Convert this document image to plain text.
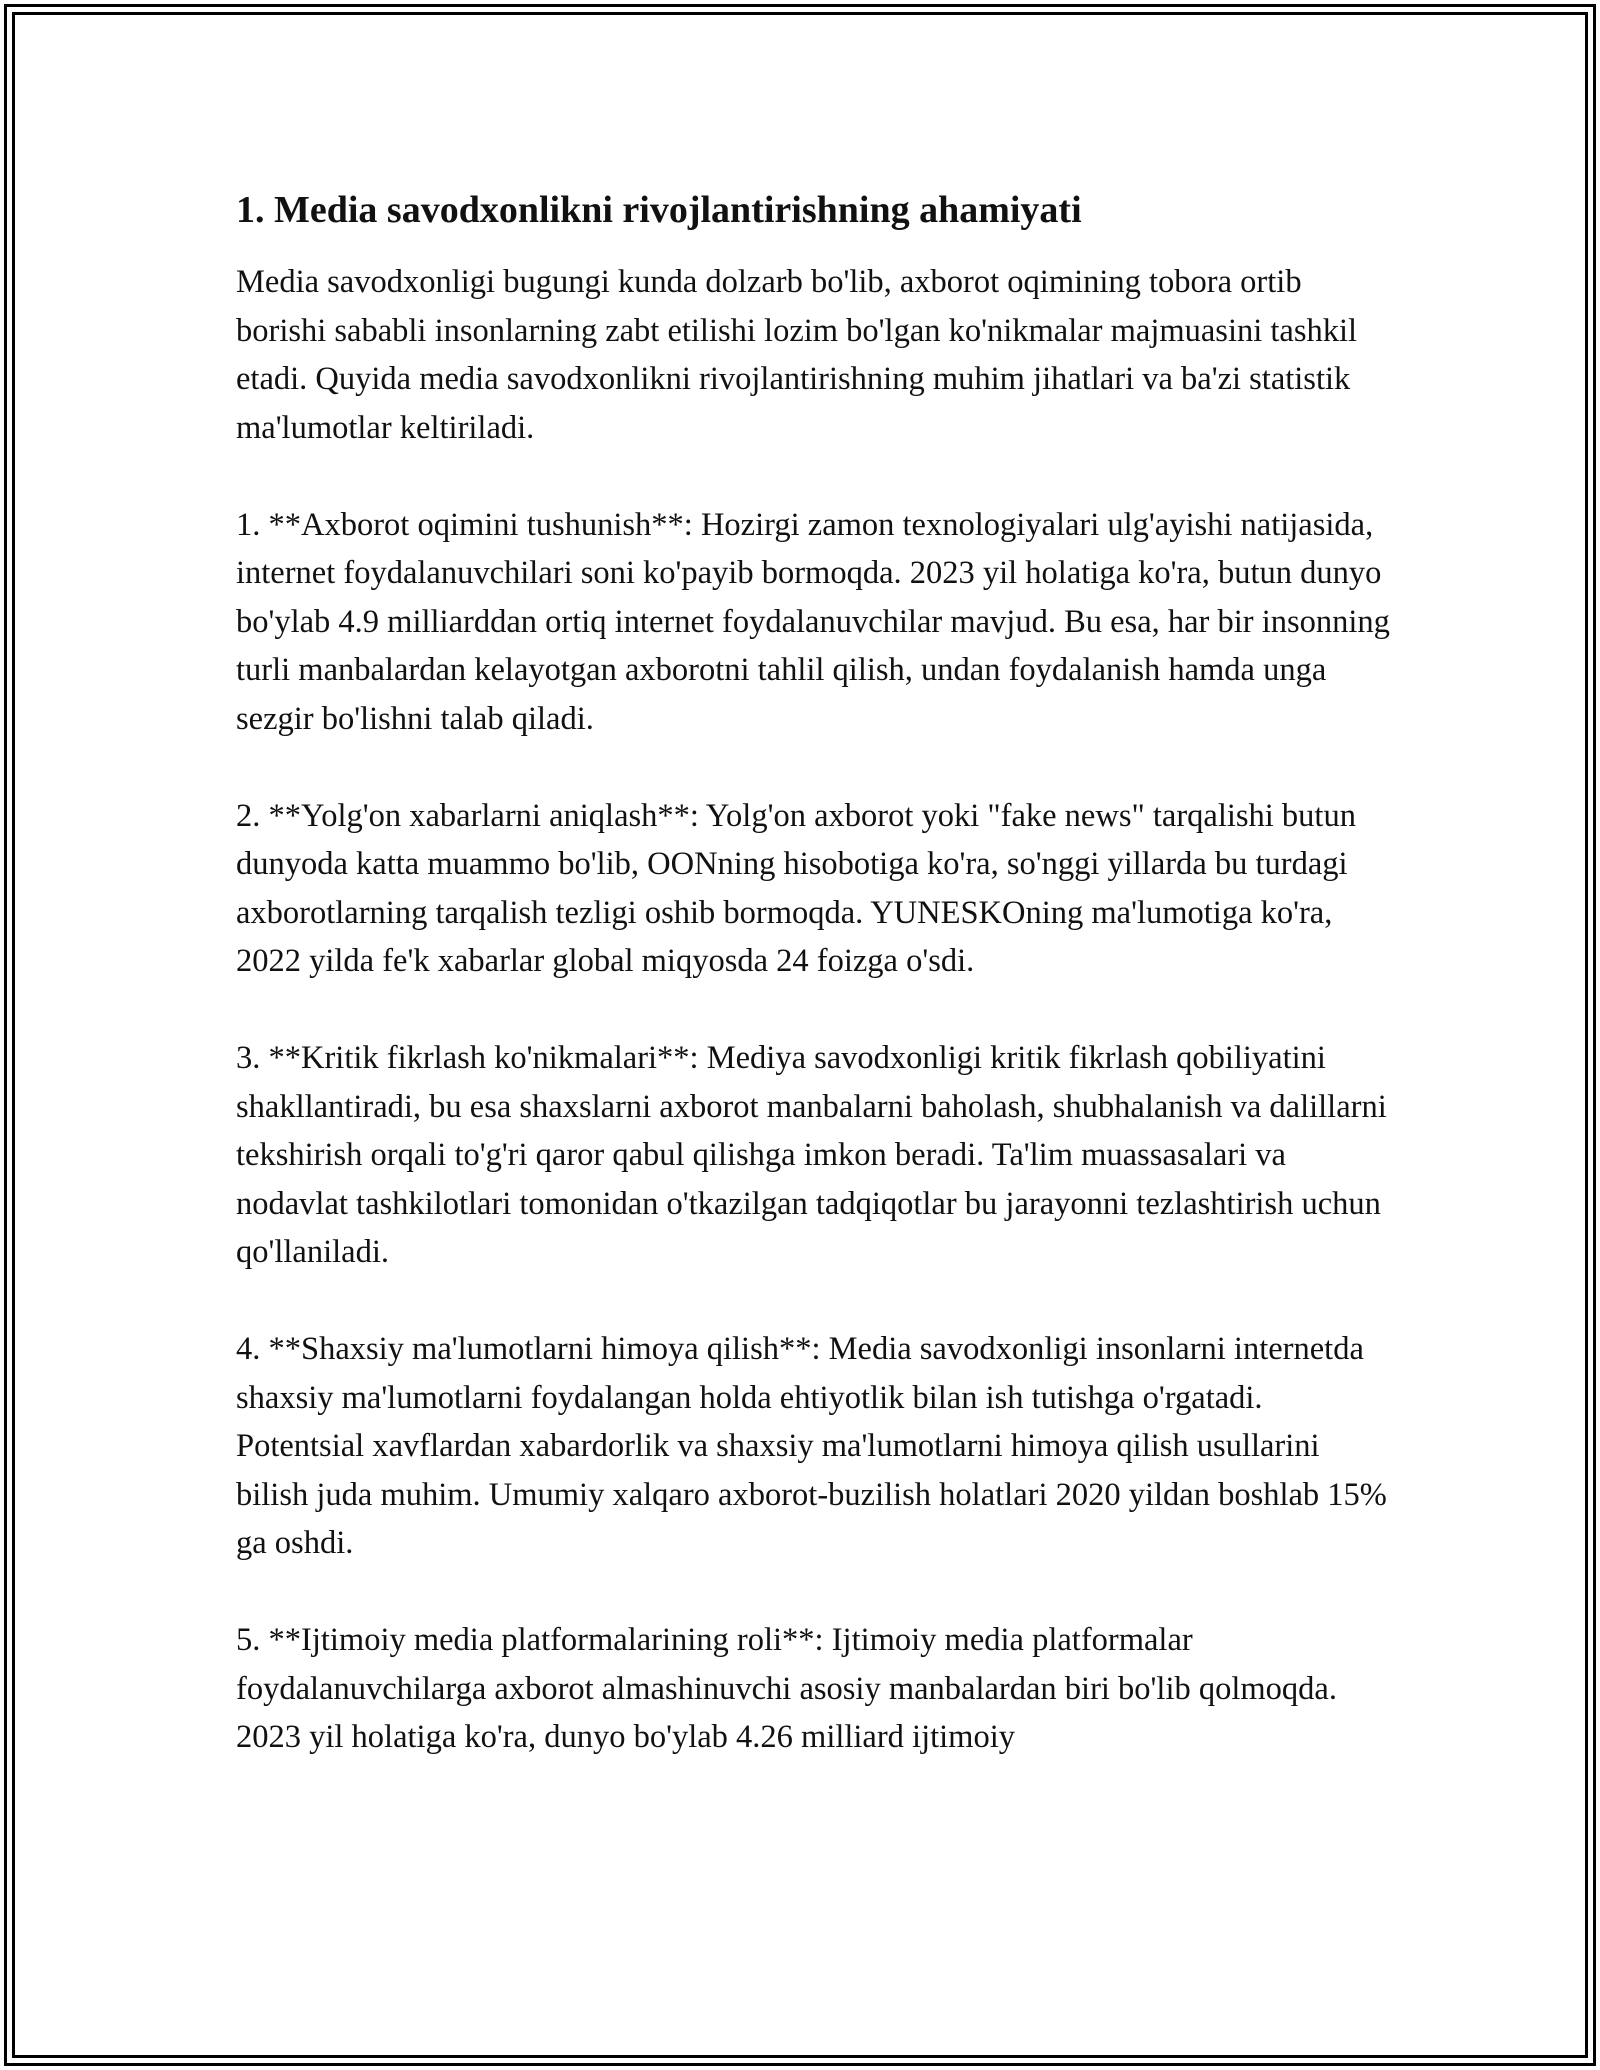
1. Media savodxonlikni rivojlantirishning ahamiyati

Media savodxonligi bugungi kunda dolzarb bo'lib, axborot oqimining tobora ortib borishi sababli insonlarning zabt etilishi lozim bo'lgan ko'nikmalar majmuasini tashkil etadi. Quyida media savodxonlikni rivojlantirishning muhim jihatlari va ba'zi statistik ma'lumotlar keltiriladi.

1. **Axborot oqimini tushunish**: Hozirgi zamon texnologiyalari ulg'ayishi natijasida, internet foydalanuvchilari soni ko'payib bormoqda. 2023 yil holatiga ko'ra, butun dunyo bo'ylab 4.9 milliarddan ortiq internet foydalanuvchilar mavjud. Bu esa, har bir insonning turli manbalardan kelayotgan axborotni tahlil qilish, undan foydalanish hamda unga sezgir bo'lishni talab qiladi.

2. **Yolg'on xabarlarni aniqlash**: Yolg'on axborot yoki "fake news" tarqalishi butun dunyoda katta muammo bo'lib, OONning hisobotiga ko'ra, so'nggi yillarda bu turdagi axborotlarning tarqalish tezligi oshib bormoqda. YUNESKOning ma'lumotiga ko'ra, 2022 yilda fe'k xabarlar global miqyosda 24 foizga o'sdi.

3. **Kritik fikrlash ko'nikmalari**: Mediya savodxonligi kritik fikrlash qobiliyatini shakllantiradi, bu esa shaxslarni axborot manbalarni baholash, shubhalanish va dalillarni tekshirish orqali to'g'ri qaror qabul qilishga imkon beradi. Ta'lim muassasalari va nodavlat tashkilotlari tomonidan o'tkazilgan tadqiqotlar bu jarayonni tezlashtirish uchun qo'llaniladi.

4. **Shaxsiy ma'lumotlarni himoya qilish**: Media savodxonligi insonlarni internetda shaxsiy ma'lumotlarni foydalangan holda ehtiyotlik bilan ish tutishga o'rgatadi. Potentsial xavflardan xabardorlik va shaxsiy ma'lumotlarni himoya qilish usullarini bilish juda muhim. Umumiy xalqaro axborot-buzilish holatlari 2020 yildan boshlab 15% ga oshdi.

5. **Ijtimoiy media platformalarining roli**: Ijtimoiy media platformalar foydalanuvchilarga axborot almashinuvchi asosiy manbalardan biri bo'lib qolmoqda. 2023 yil holatiga ko'ra, dunyo bo'ylab 4.26 milliard ijtimoiy
